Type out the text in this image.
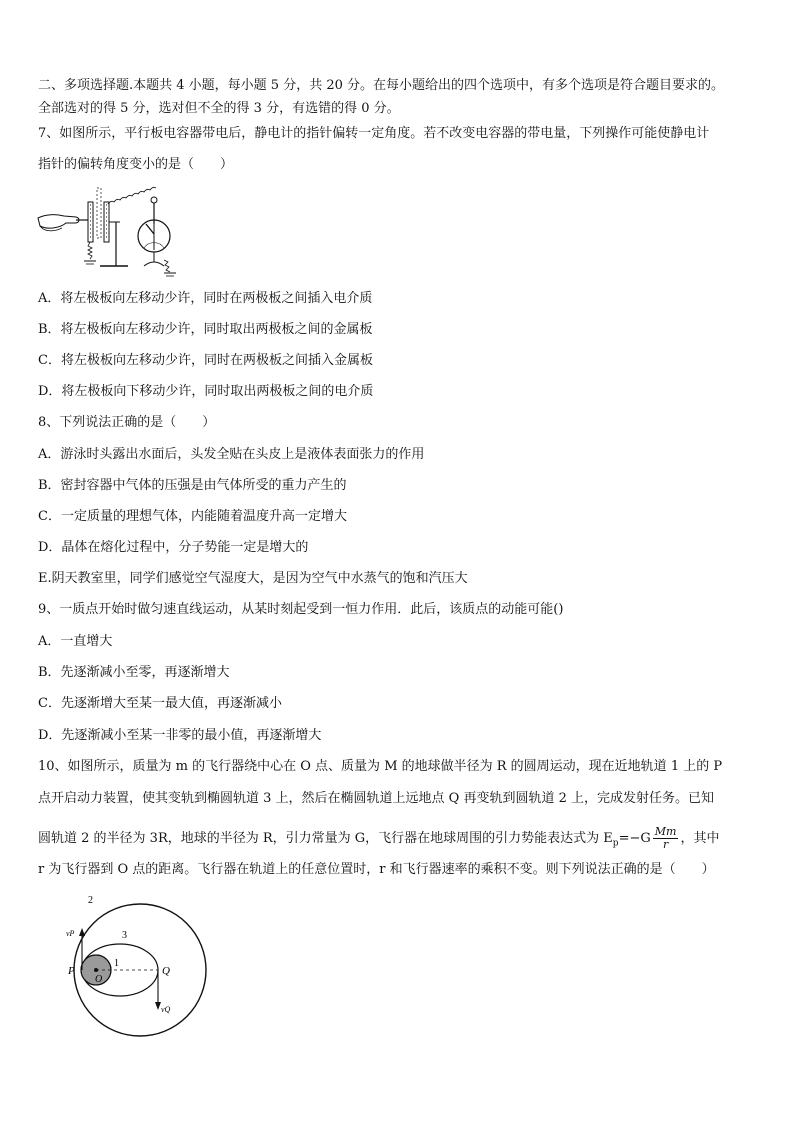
二、多项选择题.本题共 4 小题，每小题 5 分，共 20 分。在每小题给出的四个选项中，有多个选项是符合题目要求的。
全部选对的得 5 分，选对但不全的得 3 分，有选错的得 0 分。
7、如图所示，平行板电容器带电后，静电计的指针偏转一定角度。若不改变电容器的带电量，下列操作可能使静电计
指针的偏转角度变小的是（　　）
A．将左极板向左移动少许，同时在两极板之间插入电介质
B．将左极板向左移动少许，同时取出两极板之间的金属板
C．将左极板向左移动少许，同时在两极板之间插入金属板
D．将左极板向下移动少许，同时取出两极板之间的电介质
8、下列说法正确的是（　　）
A．游泳时头露出水面后，头发全贴在头皮上是液体表面张力的作用
B．密封容器中气体的压强是由气体所受的重力产生的
C．一定质量的理想气体，内能随着温度升高一定增大
D．晶体在熔化过程中，分子势能一定是增大的
E.阴天教室里，同学们感觉空气湿度大，是因为空气中水蒸气的饱和汽压大
9、一质点开始时做匀速直线运动，从某时刻起受到一恒力作用．此后，该质点的动能可能()
A．一直增大
B．先逐渐减小至零，再逐渐增大
C．先逐渐增大至某一最大值，再逐渐减小
D．先逐渐减小至某一非零的最小值，再逐渐增大
10、如图所示，质量为 m 的飞行器绕中心在 O 点、质量为 M 的地球做半径为 R 的圆周运动，现在近地轨道 1 上的 P
点开启动力装置，使其变轨到椭圆轨道 3 上，然后在椭圆轨道上远地点 Q 再变轨到圆轨道 2 上，完成发射任务。已知
圆轨道 2 的半径为 3R，地球的半径为 R，引力常量为 G，飞行器在地球周围的引力势能表达式为 $E_p=-G \frac{Mm}{r}$ ，其中
r 为飞行器到 O 点的距离。飞行器在轨道上的任意位置时，r 和飞行器速率的乘积不变。则下列说法正确的是（　　）
2
3
1
P	Q
O
vP
vQ
